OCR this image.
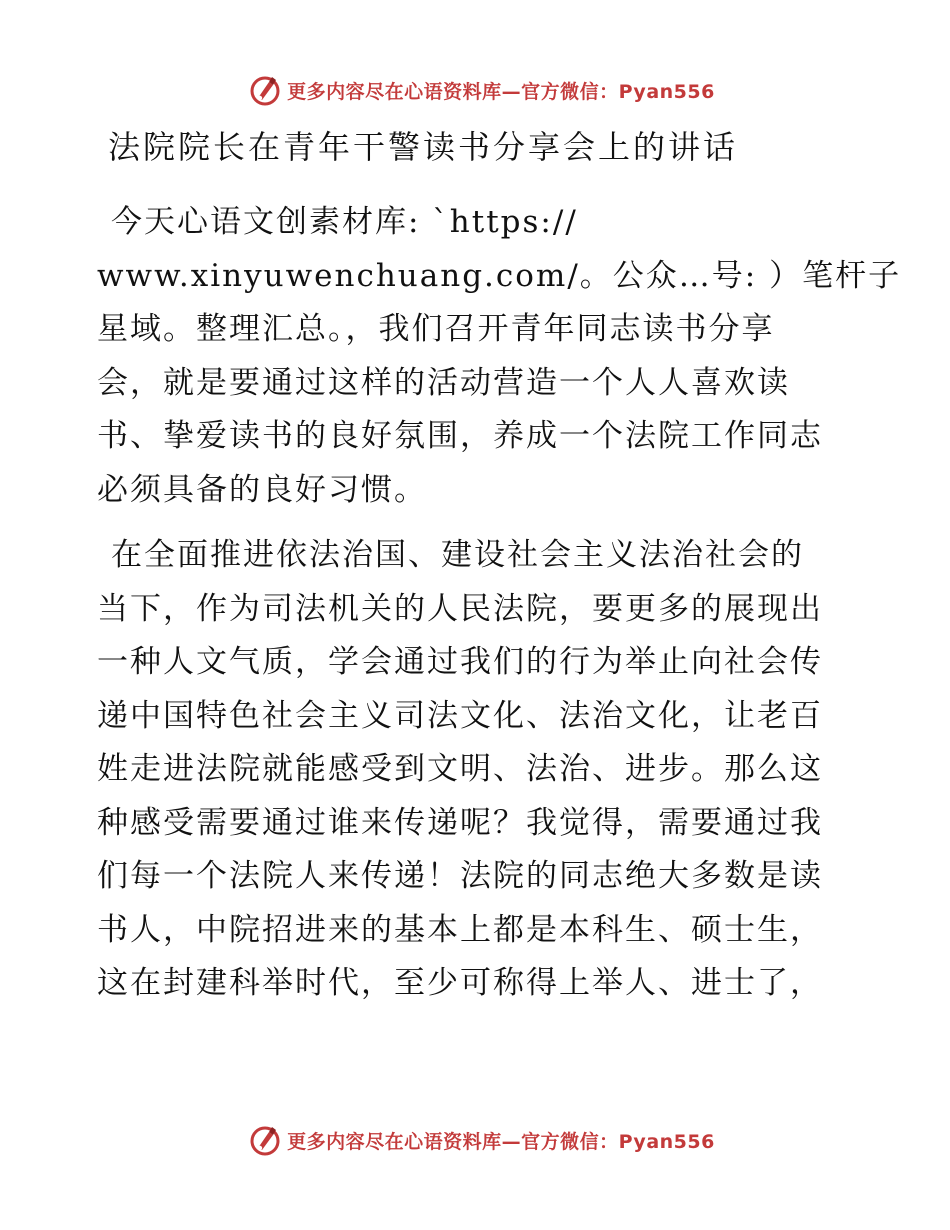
更多内容尽在心语资料库—官方微信：Pyan556
法院院长在青年干警读书分享会上的讲话

今天心语文创素材库: `https://
www.xinyuwenchuang.com/。公众…号: ）笔杆子
星域。整理汇总。，我们召开青年同志读书分享
会，就是要通过这样的活动营造一个人人喜欢读
书、挚爱读书的良好氛围，养成一个法院工作同志
必须具备的良好习惯。

在全面推进依法治国、建设社会主义法治社会的
当下，作为司法机关的人民法院，要更多的展现出
一种人文气质，学会通过我们的行为举止向社会传
递中国特色社会主义司法文化、法治文化，让老百
姓走进法院就能感受到文明、法治、进步。那么这
种感受需要通过谁来传递呢？我觉得，需要通过我
们每一个法院人来传递！法院的同志绝大多数是读
书人，中院招进来的基本上都是本科生、硕士生，
这在封建科举时代，至少可称得上举人、进士了，

更多内容尽在心语资料库—官方微信：Pyan556
